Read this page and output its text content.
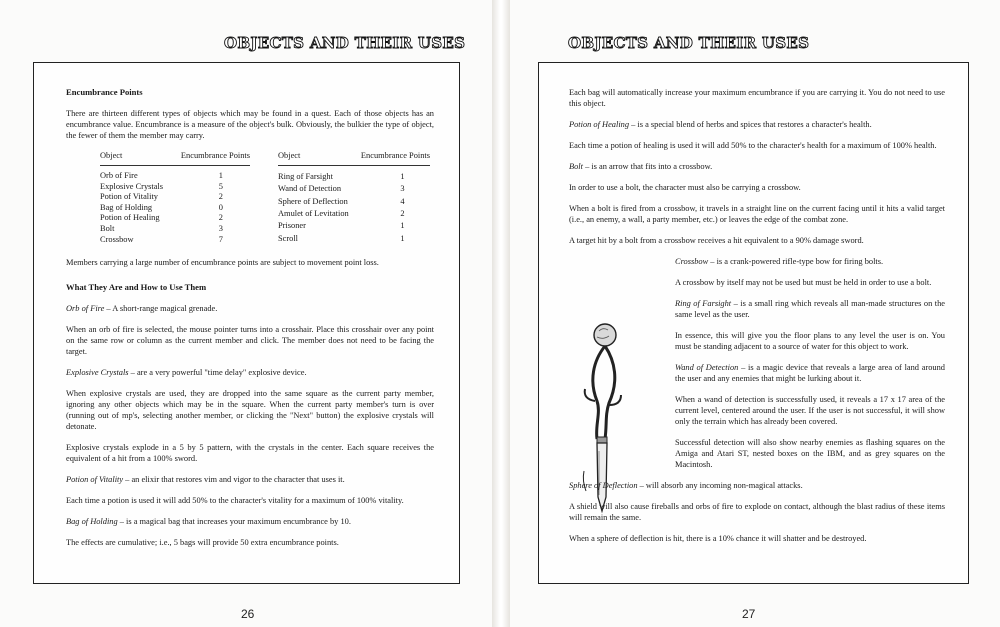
OBJECTS AND THEIR USES
Encumbrance Points

There are thirteen different types of objects which may be found in a quest. Each of those objects has an encumbrance value. Encumbrance is a measure of the object's bulk. Obviously, the bulkier the type of object, the fewer of them the member may carry.

Object	Encumbrance Points

Orb of Fire	1
Explosive Crystals	5
Potion of Vitality	2
Bag of Holding	0
Potion of Healing	2
Bolt	3
Crossbow	7
Object	Encumbrance Points

Ring of Farsight	1
Wand of Detection	3
Sphere of Deflection	4
Amulet of Levitation	2
Prisoner	1
Scroll	1

Members carrying a large number of encumbrance points are subject to movement point loss.

What They Are and How to Use Them

Orb of Fire – A short-range magical grenade.

When an orb of fire is selected, the mouse pointer turns into a crosshair. Place this crosshair over any point on the same row or column as the current member and click. The member does not need to be facing the target.

Explosive Crystals – are a very powerful "time delay" explosive device.

When explosive crystals are used, they are dropped into the same square as the current party member, ignoring any other objects which may be in the square. When the current party member's turn is over (running out of mp's, selecting another member, or clicking the "Next" button) the explosive crystals will detonate.

Explosive crystals explode in a 5 by 5 pattern, with the crystals in the center. Each square receives the equivalent of a hit from a 100% sword.

Potion of Vitality – an elixir that restores vim and vigor to the character that uses it.

Each time a potion is used it will add 50% to the character's vitality for a maximum of 100% vitality.

Bag of Holding – is a magical bag that increases your maximum encumbrance by 10.

The effects are cumulative; i.e., 5 bags will provide 50 extra encumbrance points.

26
OBJECTS AND THEIR USES

Each bag will automatically increase your maximum encumbrance if you are carrying it. You do not need to use this object.

Potion of Healing – is a special blend of herbs and spices that restores a character's health.

Each time a potion of healing is used it will add 50% to the character's health for a maximum of 100% health.

Bolt – is an arrow that fits into a crossbow.

In order to use a bolt, the character must also be carrying a crossbow.

When a bolt is fired from a crossbow, it travels in a straight line on the current facing until it hits a valid target (i.e., an enemy, a wall, a party member, etc.) or leaves the edge of the combat zone.

A target hit by a bolt from a crossbow receives a hit equivalent to a 90% damage sword.

Crossbow – is a crank-powered rifle-type bow for firing bolts.

A crossbow by itself may not be used but must be held in order to use a bolt.

Ring of Farsight – is a small ring which reveals all man-made structures on the same level as the user.

In essence, this will give you the floor plans to any level the user is on. You must be standing adjacent to a source of water for this object to work.

Wand of Detection – is a magic device that reveals a large area of land around the user and any enemies that might be lurking about it.

When a wand of detection is successfully used, it reveals a 17 x 17 area of the current level, centered around the user. If the user is not successful, it will show only the terrain which has already been covered.

Successful detection will also show nearby enemies as flashing squares on the Amiga and Atari ST, nested boxes on the IBM, and as grey squares on the Macintosh.

Sphere of Deflection – will absorb any incoming non-magical attacks.

A shield will also cause fireballs and orbs of fire to explode on contact, although the blast radius of these items will remain the same.

When a sphere of deflection is hit, there is a 10% chance it will shatter and be destroyed.

27
